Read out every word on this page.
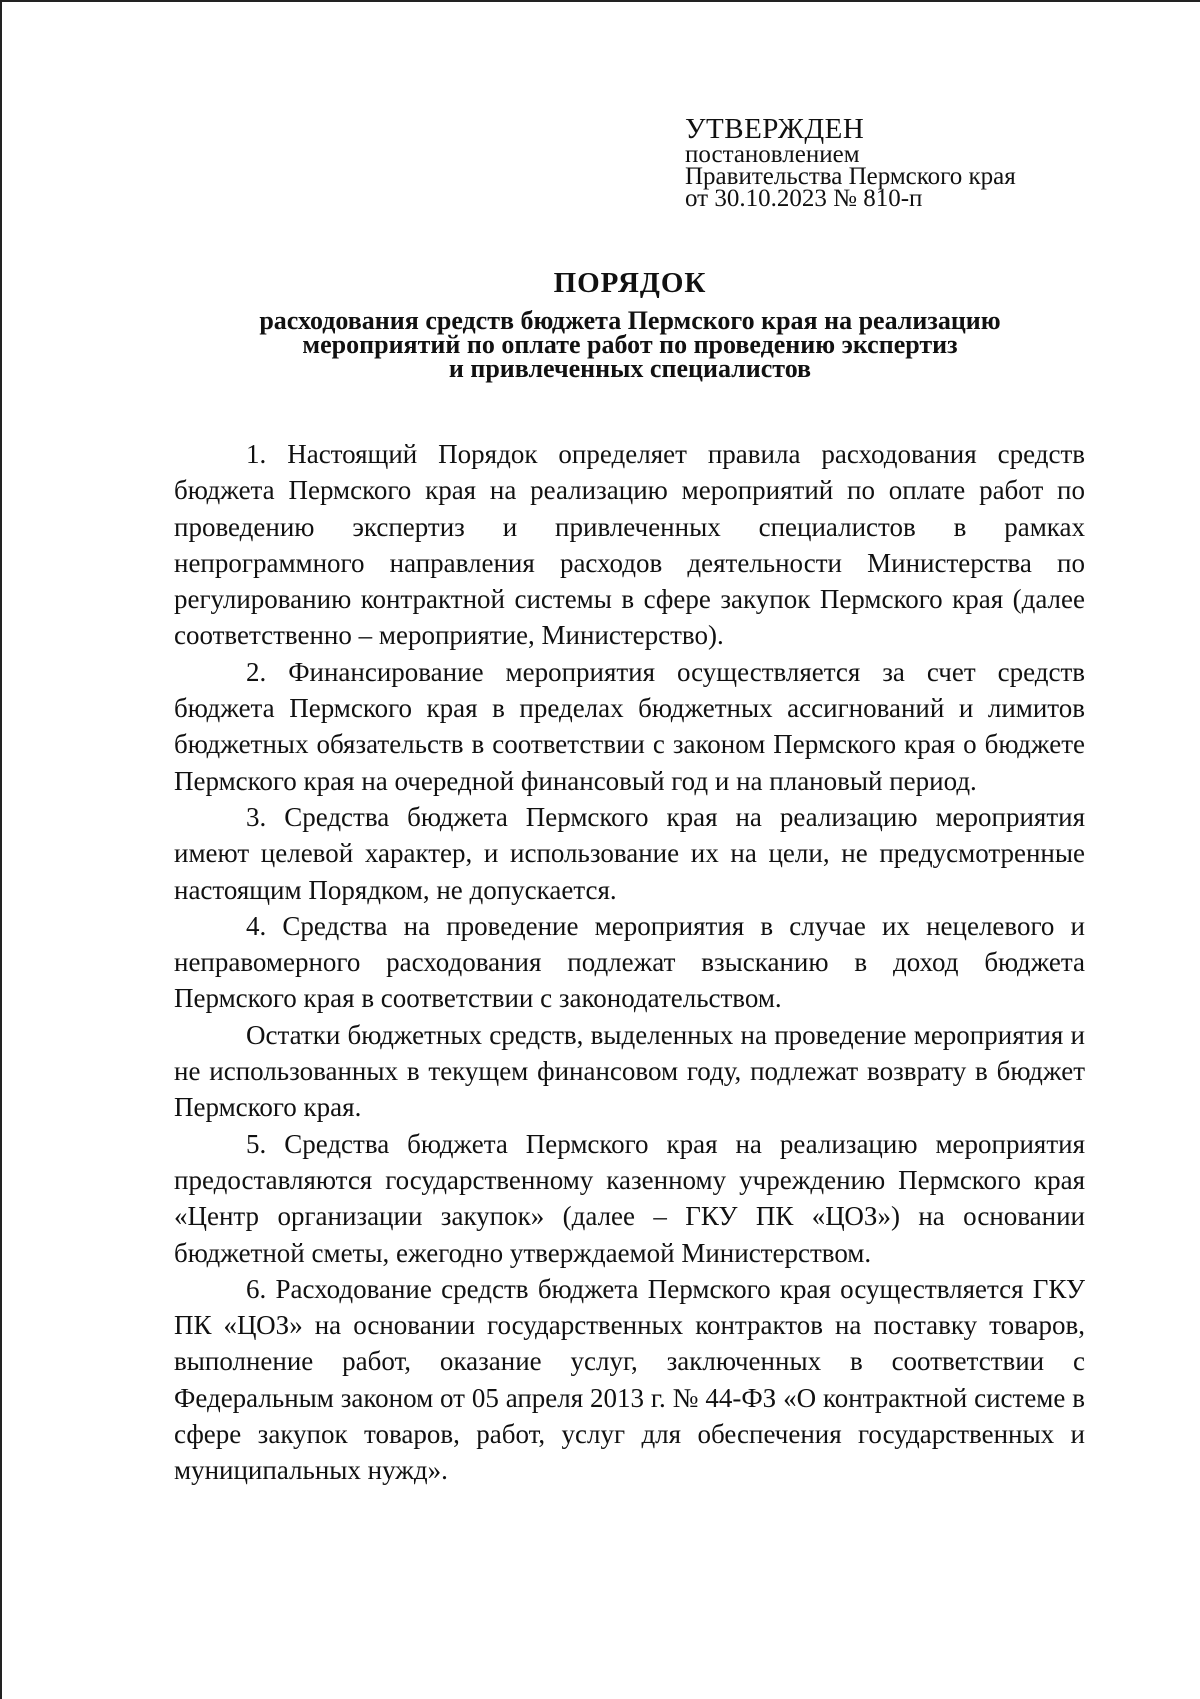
УТВЕРЖДЕН
постановлением
Правительства Пермского края
от 30.10.2023 № 810-п
ПОРЯДОК
расходования средств бюджета Пермского края на реализацию
мероприятий по оплате работ по проведению экспертиз
и привлеченных специалистов

1. Настоящий Порядок определяет правила расходования средств бюджета Пермского края на реализацию мероприятий по оплате работ по проведению экспертиз и привлеченных специалистов в рамках непрограммного направления расходов деятельности Министерства по регулированию контрактной системы в сфере закупок Пермского края (далее соответственно – мероприятие, Министерство).

2. Финансирование мероприятия осуществляется за счет средств бюджета Пермского края в пределах бюджетных ассигнований и лимитов бюджетных обязательств в соответствии с законом Пермского края о бюджете Пермского края на очередной финансовый год и на плановый период.

3. Средства бюджета Пермского края на реализацию мероприятия имеют целевой характер, и использование их на цели, не предусмотренные настоящим Порядком, не допускается.

4. Средства на проведение мероприятия в случае их нецелевого и неправомерного расходования подлежат взысканию в доход бюджета Пермского края в соответствии с законодательством.

Остатки бюджетных средств, выделенных на проведение мероприятия и не использованных в текущем финансовом году, подлежат возврату в бюджет Пермского края.

5. Средства бюджета Пермского края на реализацию мероприятия предоставляются государственному казенному учреждению Пермского края «Центр организации закупок» (далее – ГКУ ПК «ЦОЗ») на основании бюджетной сметы, ежегодно утверждаемой Министерством.

6. Расходование средств бюджета Пермского края осуществляется ГКУ ПК «ЦОЗ» на основании государственных контрактов на поставку товаров, выполнение работ, оказание услуг, заключенных в соответствии с Федеральным законом от 05 апреля 2013 г. № 44-ФЗ «О контрактной системе в сфере закупок товаров, работ, услуг для обеспечения государственных и муниципальных нужд».
